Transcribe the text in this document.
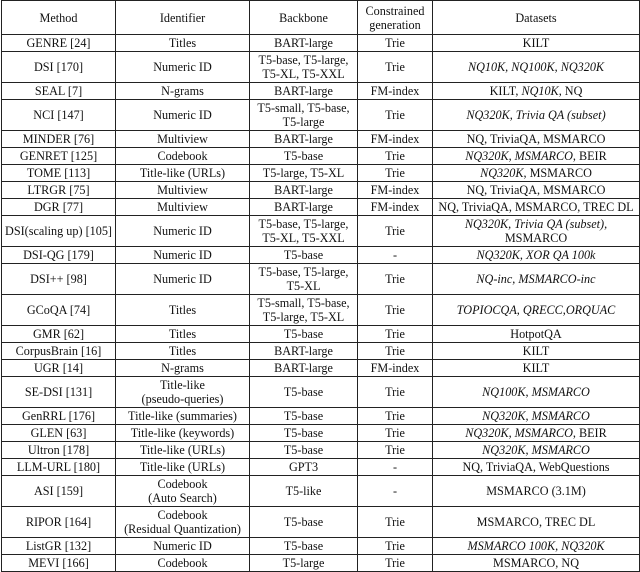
Method	Identifier	Backbone	Constrained generation	Datasets
GENRE [24]	Titles	BART-large	Trie	KILT
DSI [170]	Numeric ID	T5-base, T5-large,
T5-XL, T5-XXL	Trie	NQ10K, NQ100K, NQ320K
SEAL [7]	N-grams	BART-large	FM-index	KILT, NQ10K, NQ
NCI [147]	Numeric ID	T5-small, T5-base,
T5-large	Trie	NQ320K, Trivia QA (subset)
MINDER [76]	Multiview	BART-large	FM-index	NQ, TriviaQA, MSMARCO
GENRET [125]	Codebook	T5-base	Trie	NQ320K, MSMARCO, BEIR
TOME [113]	Title-like (URLs)	T5-large, T5-XL	Trie	NQ320K, MSMARCO
LTRGR [75]	Multiview	BART-large	FM-index	NQ, TriviaQA, MSMARCO
DGR [77]	Multiview	BART-large	FM-index	NQ, TriviaQA, MSMARCO, TREC DL
DSI(scaling up) [105]	Numeric ID	T5-base, T5-large,
T5-XL, T5-XXL	Trie	NQ320K, Trivia QA (subset), MSMARCO
DSI-QG [179]	Numeric ID	T5-base	-	NQ320K, XOR QA 100k
DSI++ [98]	Numeric ID	T5-base, T5-large,
T5-XL	Trie	NQ-inc, MSMARCO-inc
GCoQA [74]	Titles	T5-small, T5-base,
T5-large, T5-XL	Trie	TOPIOCQA, QRECC,ORQUAC
GMR [62]	Titles	T5-base	Trie	HotpotQA
CorpusBrain [16]	Titles	BART-large	Trie	KILT
UGR [14]	N-grams	BART-large	FM-index	KILT
SE-DSI [131]	Title-like
(pseudo-queries)	T5-base	Trie	NQ100K, MSMARCO
GenRRL [176]	Title-like (summaries)	T5-base	Trie	NQ320K, MSMARCO
GLEN [63]	Title-like (keywords)	T5-base	Trie	NQ320K, MSMARCO, BEIR
Ultron [178]	Title-like (URLs)	T5-base	Trie	NQ320K, MSMARCO
LLM-URL [180]	Title-like (URLs)	GPT3	-	NQ, TriviaQA, WebQuestions
ASI [159]	Codebook
(Auto Search)	T5-like	-	MSMARCO (3.1M)
RIPOR [164]	Codebook
(Residual Quantization)	T5-base	Trie	MSMARCO, TREC DL
ListGR [132]	Numeric ID	T5-base	Trie	MSMARCO 100K, NQ320K
MEVI [166]	Codebook	T5-large	Trie	MSMARCO, NQ
